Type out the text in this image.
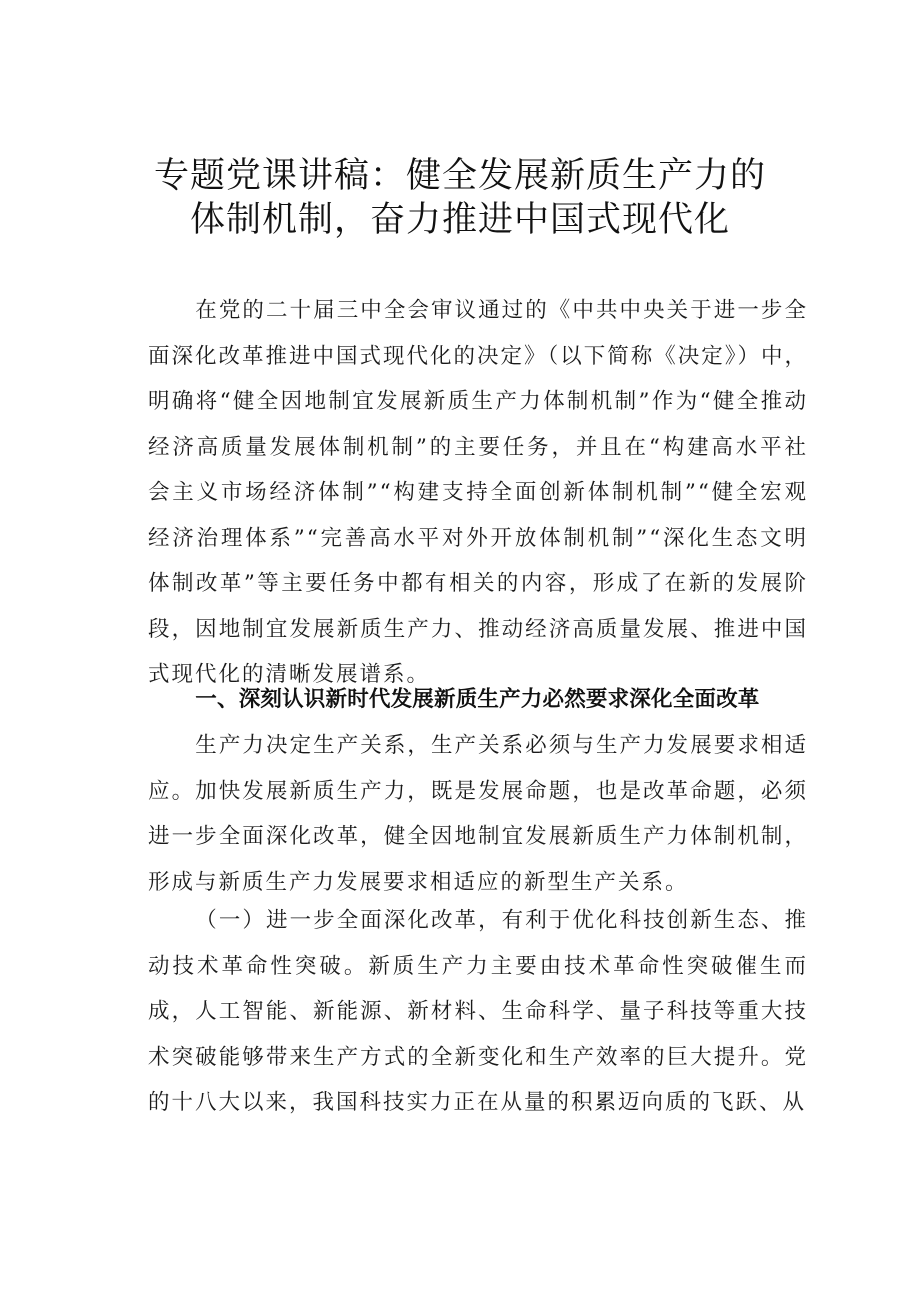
专题党课讲稿：健全发展新质生产力的
体制机制，奋力推进中国式现代化

在党的二十届三中全会审议通过的《中共中央关于进一步全面深化改革推进中国式现代化的决定》（以下简称《决定》）中，明确将“健全因地制宜发展新质生产力体制机制”作为“健全推动经济高质量发展体制机制”的主要任务，并且在“构建高水平社会主义市场经济体制”“构建支持全面创新体制机制”“健全宏观经济治理体系”“完善高水平对外开放体制机制”“深化生态文明体制改革”等主要任务中都有相关的内容，形成了在新的发展阶段，因地制宜发展新质生产力、推动经济高质量发展、推进中国式现代化的清晰发展谱系。

一、深刻认识新时代发展新质生产力必然要求深化全面改革

生产力决定生产关系，生产关系必须与生产力发展要求相适应。加快发展新质生产力，既是发展命题，也是改革命题，必须进一步全面深化改革，健全因地制宜发展新质生产力体制机制，形成与新质生产力发展要求相适应的新型生产关系。

（一）进一步全面深化改革，有利于优化科技创新生态、推动技术革命性突破。新质生产力主要由技术革命性突破催生而成，人工智能、新能源、新材料、生命科学、量子科技等重大技术突破能够带来生产方式的全新变化和生产效率的巨大提升。党的十八大以来，我国科技实力正在从量的积累迈向质的飞跃、从
